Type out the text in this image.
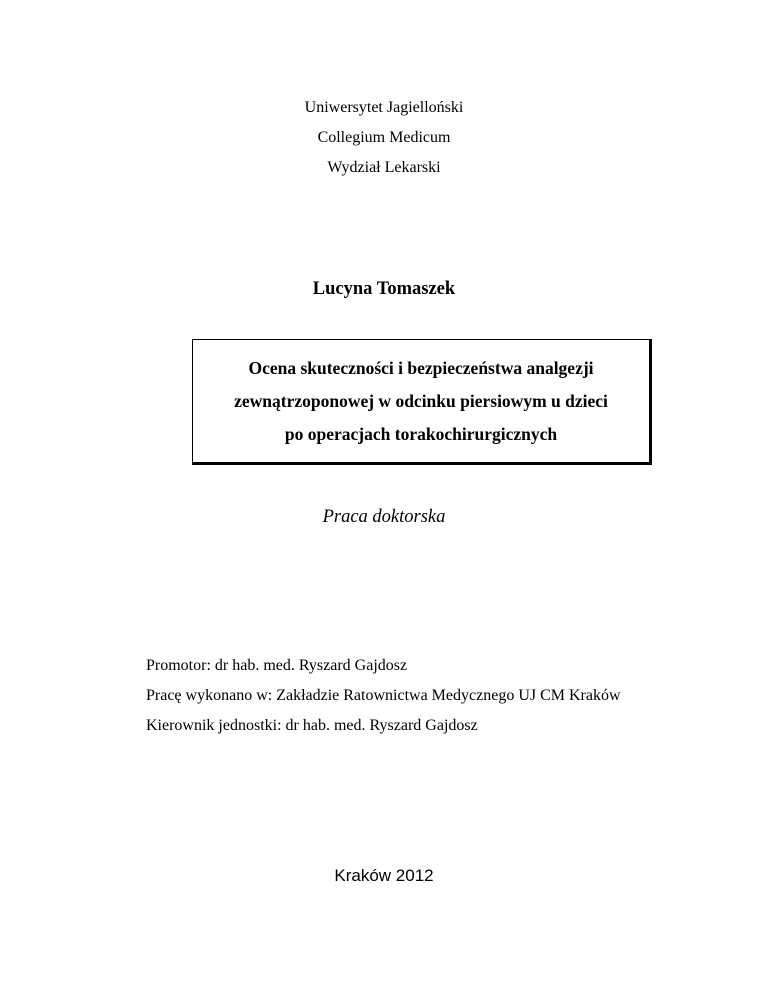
Uniwersytet Jagielloński
Collegium Medicum
Wydział Lekarski
Lucyna Tomaszek
Ocena skuteczności i bezpieczeństwa analgezji
zewnątrzoponowej w odcinku piersiowym u dzieci
po operacjach torakochirurgicznych
Praca doktorska
Promotor: dr hab. med. Ryszard Gajdosz
Pracę wykonano w: Zakładzie Ratownictwa Medycznego UJ CM Kraków
Kierownik jednostki: dr hab. med. Ryszard Gajdosz
Kraków 2012
